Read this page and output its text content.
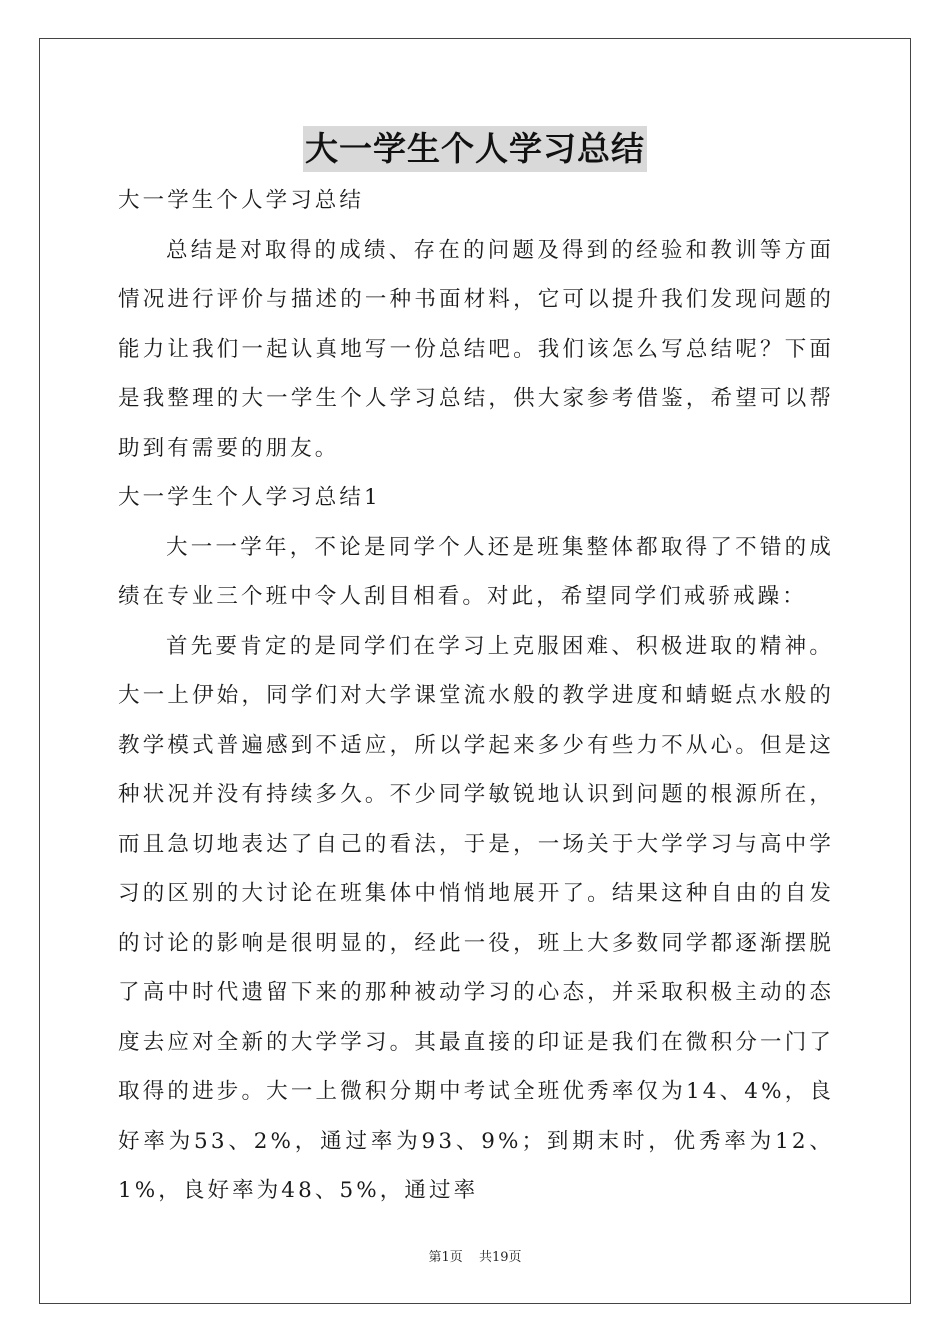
大一学生个人学习总结

大一学生个人学习总结

总结是对取得的成绩、存在的问题及得到的经验和教训等方面情况进行评价与描述的一种书面材料，它可以提升我们发现问题的能力让我们一起认真地写一份总结吧。我们该怎么写总结呢？下面是我整理的大一学生个人学习总结，供大家参考借鉴，希望可以帮助到有需要的朋友。

大一学生个人学习总结1

大一一学年，不论是同学个人还是班集整体都取得了不错的成绩在专业三个班中令人刮目相看。对此，希望同学们戒骄戒躁：

首先要肯定的是同学们在学习上克服困难、积极进取的精神。大一上伊始，同学们对大学课堂流水般的教学进度和蜻蜓点水般的教学模式普遍感到不适应，所以学起来多少有些力不从心。但是这种状况并没有持续多久。不少同学敏锐地认识到问题的根源所在，而且急切地表达了自己的看法，于是，一场关于大学学习与高中学习的区别的大讨论在班集体中悄悄地展开了。结果这种自由的自发的讨论的影响是很明显的，经此一役，班上大多数同学都逐渐摆脱了高中时代遗留下来的那种被动学习的心态，并采取积极主动的态度去应对全新的大学学习。其最直接的印证是我们在微积分一门了取得的进步。大一上微积分期中考试全班优秀率仅为14、4%，良好率为53、2%，通过率为93、9%；到期末时，优秀率为12、1%，良好率为48、5%，通过率

第1页 共19页
